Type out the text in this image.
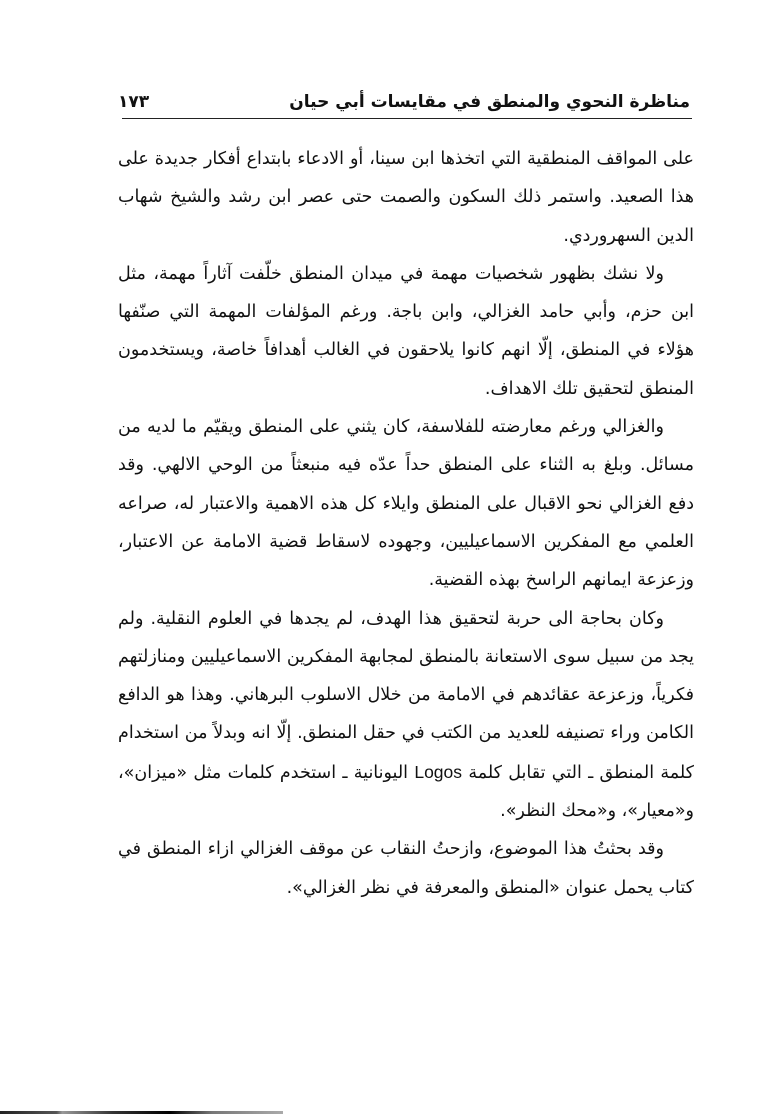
مناظرة النحوي والمنطق في مقايسات أبي حيان
١٧٣

على المواقف المنطقية التي اتخذها ابن سينا، أو الادعاء بابتداع أفكار جديدة على هذا الصعيد. واستمر ذلك السكون والصمت حتى عصر ابن رشد والشيخ شهاب الدين السهروردي.

ولا نشك بظهور شخصيات مهمة في ميدان المنطق خلّفت آثاراً مهمة، مثل ابن حزم، وأبي حامد الغزالي، وابن باجة. ورغم المؤلفات المهمة التي صنّفها هؤلاء في المنطق، إلّا انهم كانوا يلاحقون في الغالب أهدافاً خاصة، ويستخدمون المنطق لتحقيق تلك الاهداف.

والغزالي ورغم معارضته للفلاسفة، كان يثني على المنطق ويقيّم ما لديه من مسائل. وبلغ به الثناء على المنطق حداً عدّه فيه منبعثاً من الوحي الالهي. وقد دفع الغزالي نحو الاقبال على المنطق وايلاء كل هذه الاهمية والاعتبار له، صراعه العلمي مع المفكرين الاسماعيليين، وجهوده لاسقاط قضية الامامة عن الاعتبار، وزعزعة ايمانهم الراسخ بهذه القضية.

وكان بحاجة الى حربة لتحقيق هذا الهدف، لم يجدها في العلوم النقلية. ولم يجد من سبيل سوى الاستعانة بالمنطق لمجابهة المفكرين الاسماعيليين ومنازلتهم فكرياً، وزعزعة عقائدهم في الامامة من خلال الاسلوب البرهاني. وهذا هو الدافع الكامن وراء تصنيفه للعديد من الكتب في حقل المنطق. إلّا انه وبدلاً من استخدام كلمة المنطق ـ التي تقابل كلمة Logos اليونانية ـ استخدم كلمات مثل «ميزان»، و«معيار»، و«محك النظر».

وقد بحثتُ هذا الموضوع، وازحتُ النقاب عن موقف الغزالي ازاء المنطق في كتاب يحمل عنوان «المنطق والمعرفة في نظر الغزالي».
